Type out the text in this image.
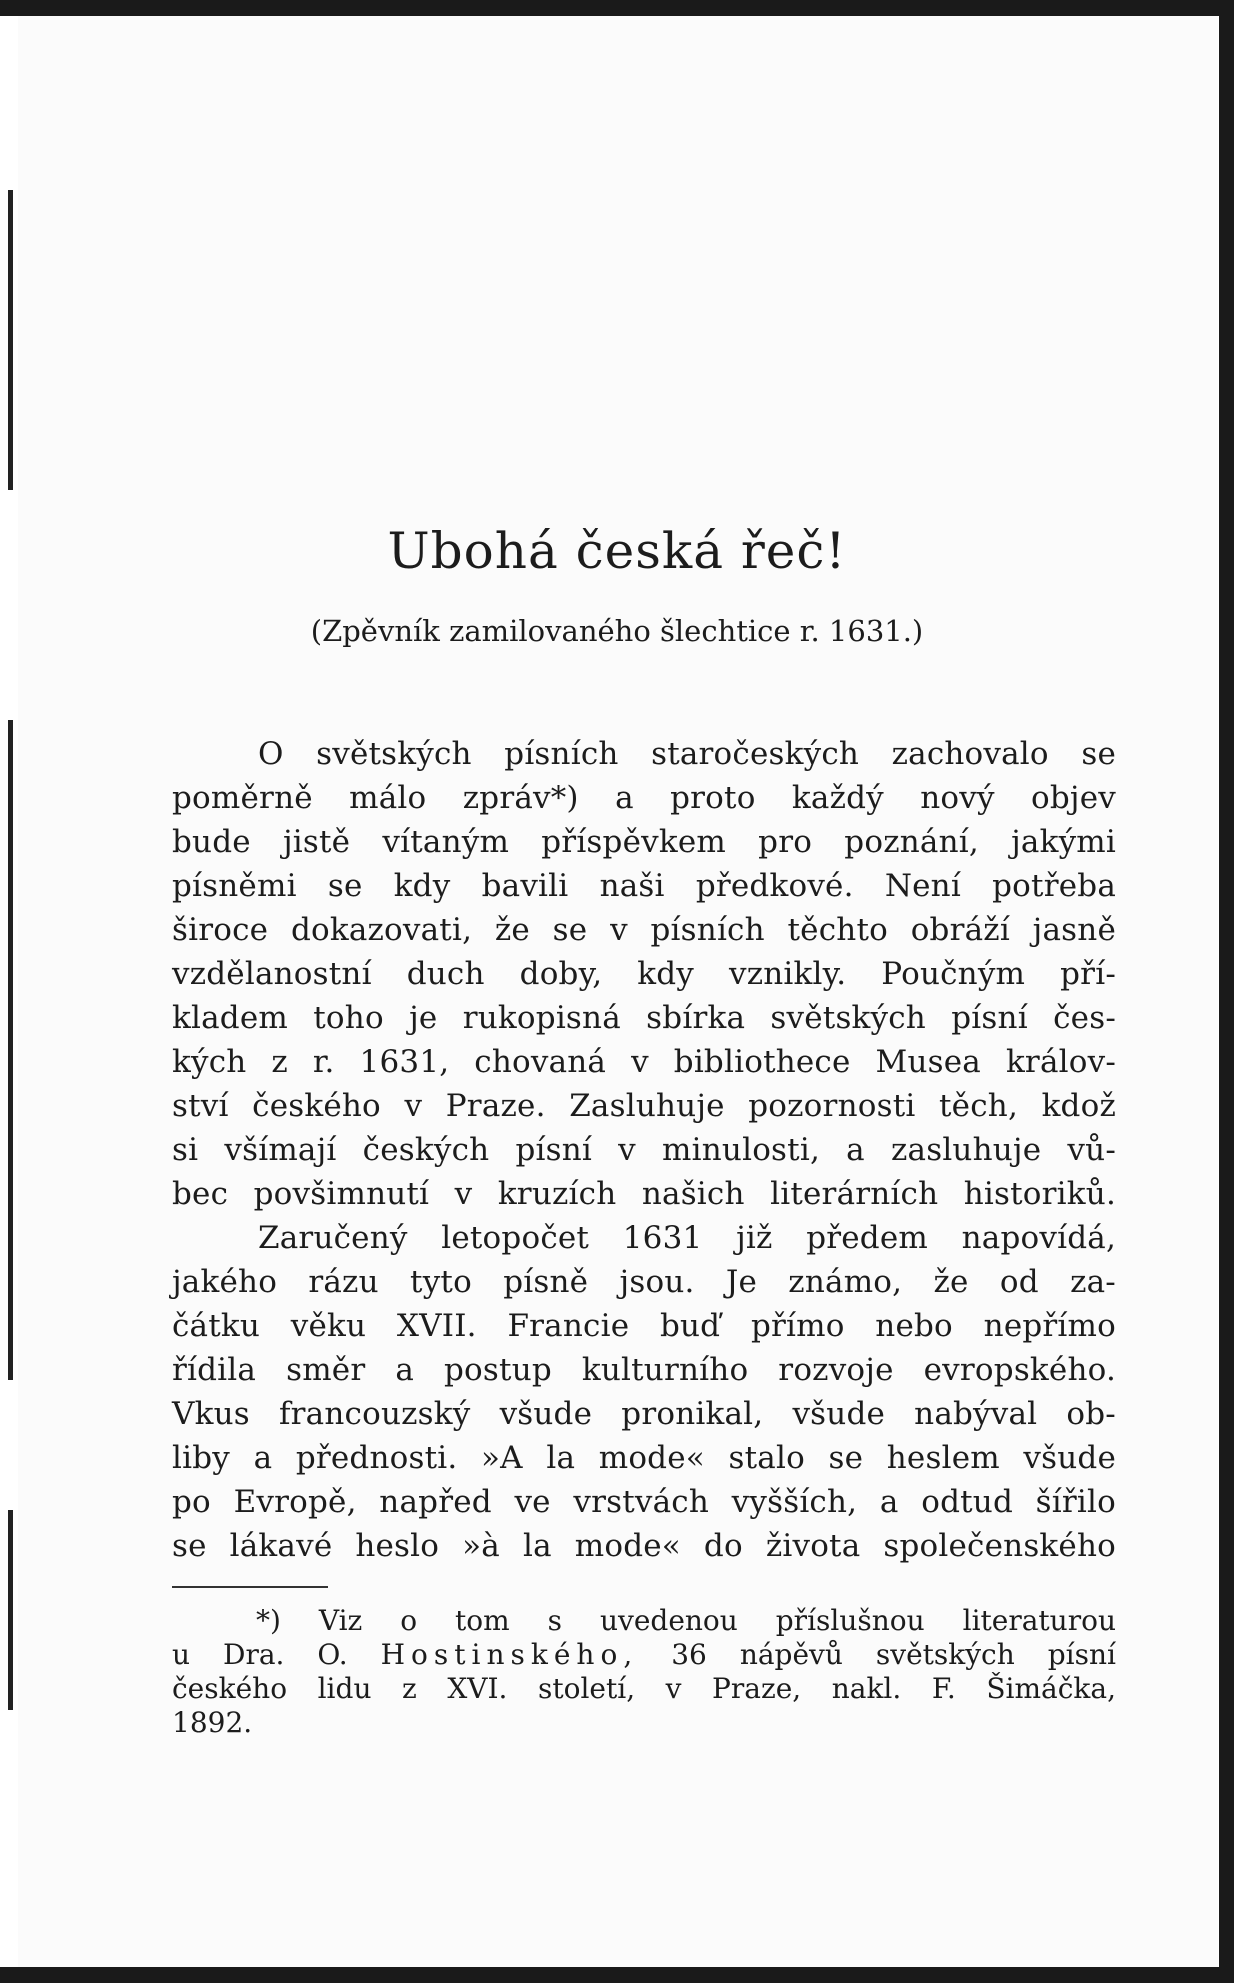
Ubohá česká řeč!
(Zpěvník zamilovaného šlechtice r. 1631.)
O světských písních staročeských zachovalo se
poměrně málo zpráv*) a proto každý nový objev
bude jistě vítaným příspěvkem pro poznání, jakými
písněmi se kdy bavili naši předkové. Není potřeba
široce dokazovati, že se v písních těchto obráží jasně
vzdělanostní duch doby, kdy vznikly. Poučným pří-
kladem toho je rukopisná sbírka světských písní čes-
kých z r. 1631, chovaná v bibliothece Musea králov-
ství českého v Praze. Zasluhuje pozornosti těch, kdož
si všímají českých písní v minulosti, a zasluhuje vů-
bec povšimnutí v kruzích našich literárních historiků.
Zaručený letopočet 1631 již předem napovídá,
jakého rázu tyto písně jsou. Je známo, že od za-
čátku věku XVII. Francie buď přímo nebo nepřímo
řídila směr a postup kulturního rozvoje evropského.
Vkus francouzský všude pronikal, všude nabýval ob-
liby a přednosti. »A la mode« stalo se heslem všude
po Evropě, napřed ve vrstvách vyšších, a odtud šířilo
se lákavé heslo »à la mode« do života společenského
*) Viz o tom s uvedenou příslušnou literaturou
u Dra. O. Hostinského, 36 nápěvů světských písní
českého lidu z XVI. století, v Praze, nakl. F. Šimáčka,
1892.
